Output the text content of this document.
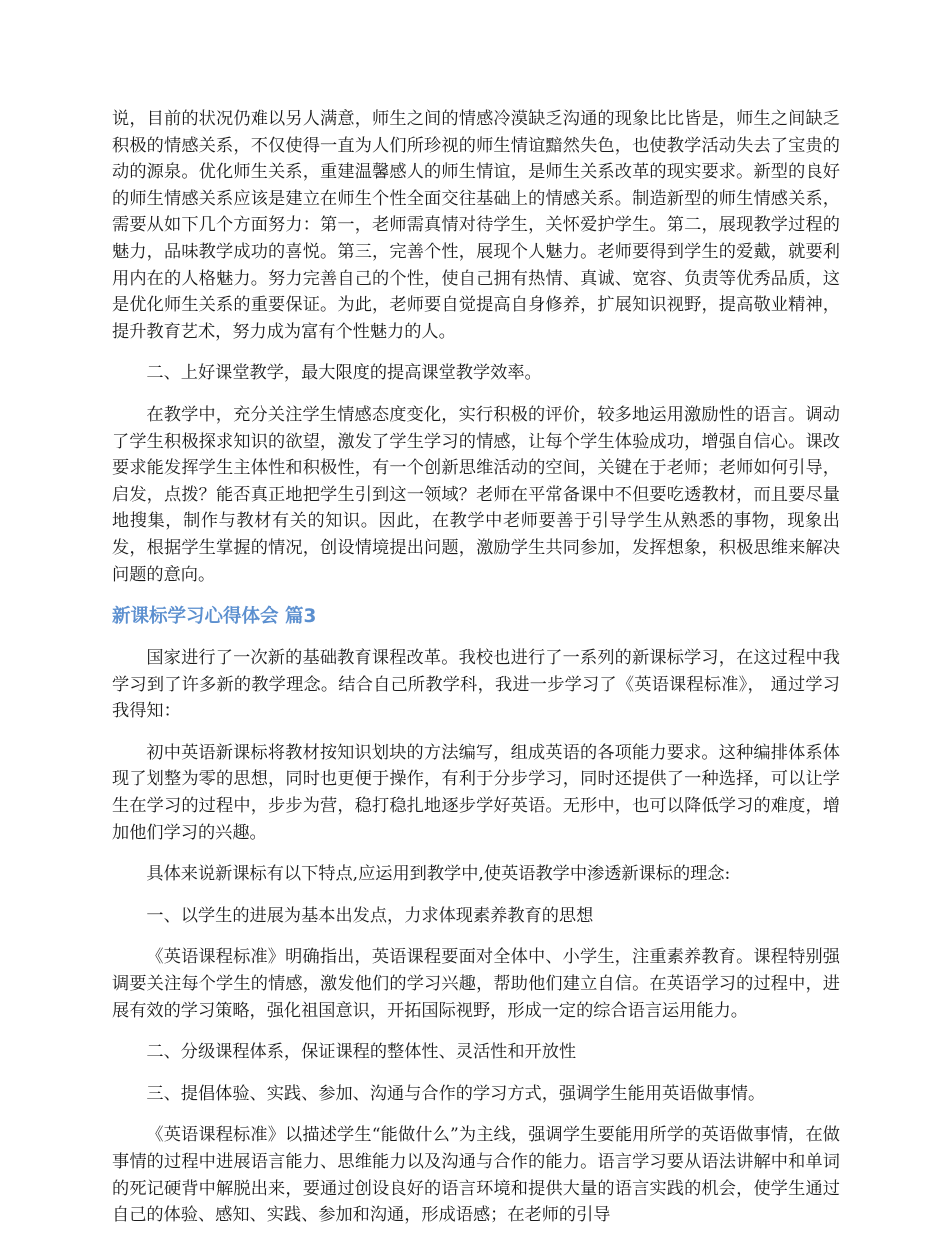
说，目前的状况仍难以另人满意，师生之间的情感冷漠缺乏沟通的现象比比皆是，师生之间缺乏积极的情感关系，不仅使得一直为人们所珍视的师生情谊黯然失色，也使教学活动失去了宝贵的动的源泉。优化师生关系，重建温馨感人的师生情谊，是师生关系改革的现实要求。新型的良好的师生情感关系应该是建立在师生个性全面交往基础上的情感关系。制造新型的师生情感关系，需要从如下几个方面努力：第一，老师需真情对待学生，关怀爱护学生。第二，展现教学过程的魅力，品味教学成功的喜悦。第三，完善个性，展现个人魅力。老师要得到学生的爱戴，就要利用内在的人格魅力。努力完善自己的个性，使自己拥有热情、真诚、宽容、负责等优秀品质，这是优化师生关系的重要保证。为此，老师要自觉提高自身修养，扩展知识视野，提高敬业精神，提升教育艺术，努力成为富有个性魅力的人。

二、上好课堂教学，最大限度的提高课堂教学效率。

在教学中，充分关注学生情感态度变化，实行积极的评价，较多地运用激励性的语言。调动了学生积极探求知识的欲望，激发了学生学习的情感，让每个学生体验成功，增强自信心。课改要求能发挥学生主体性和积极性，有一个创新思维活动的空间，关键在于老师；老师如何引导，启发，点拨？能否真正地把学生引到这一领域？老师在平常备课中不但要吃透教材，而且要尽量地搜集，制作与教材有关的知识。因此，在教学中老师要善于引导学生从熟悉的事物，现象出发，根据学生掌握的情况，创设情境提出问题，激励学生共同参加，发挥想象，积极思维来解决问题的意向。

新课标学习心得体会 篇3

国家进行了一次新的基础教育课程改革。我校也进行了一系列的新课标学习，在这过程中我学习到了许多新的教学理念。结合自己所教学科，我进一步学习了《英语课程标准》， 通过学习我得知：

初中英语新课标将教材按知识划块的方法编写，组成英语的各项能力要求。这种编排体系体现了划整为零的思想，同时也更便于操作，有利于分步学习，同时还提供了一种选择，可以让学生在学习的过程中，步步为营，稳打稳扎地逐步学好英语。无形中，也可以降低学习的难度，增加他们学习的兴趣。

具体来说新课标有以下特点,应运用到教学中,使英语教学中渗透新课标的理念:

一、以学生的进展为基本出发点，力求体现素养教育的思想

《英语课程标准》明确指出，英语课程要面对全体中、小学生，注重素养教育。课程特别强调要关注每个学生的情感，激发他们的学习兴趣，帮助他们建立自信。在英语学习的过程中，进展有效的学习策略，强化祖国意识，开拓国际视野，形成一定的综合语言运用能力。

二、分级课程体系，保证课程的整体性、灵活性和开放性

三、提倡体验、实践、参加、沟通与合作的学习方式，强调学生能用英语做事情。

《英语课程标准》以描述学生“能做什么”为主线，强调学生要能用所学的英语做事情，在做事情的过程中进展语言能力、思维能力以及沟通与合作的能力。语言学习要从语法讲解中和单词的死记硬背中解脱出来，要通过创设良好的语言环境和提供大量的语言实践的机会，使学生通过自己的体验、感知、实践、参加和沟通，形成语感；在老师的引导
